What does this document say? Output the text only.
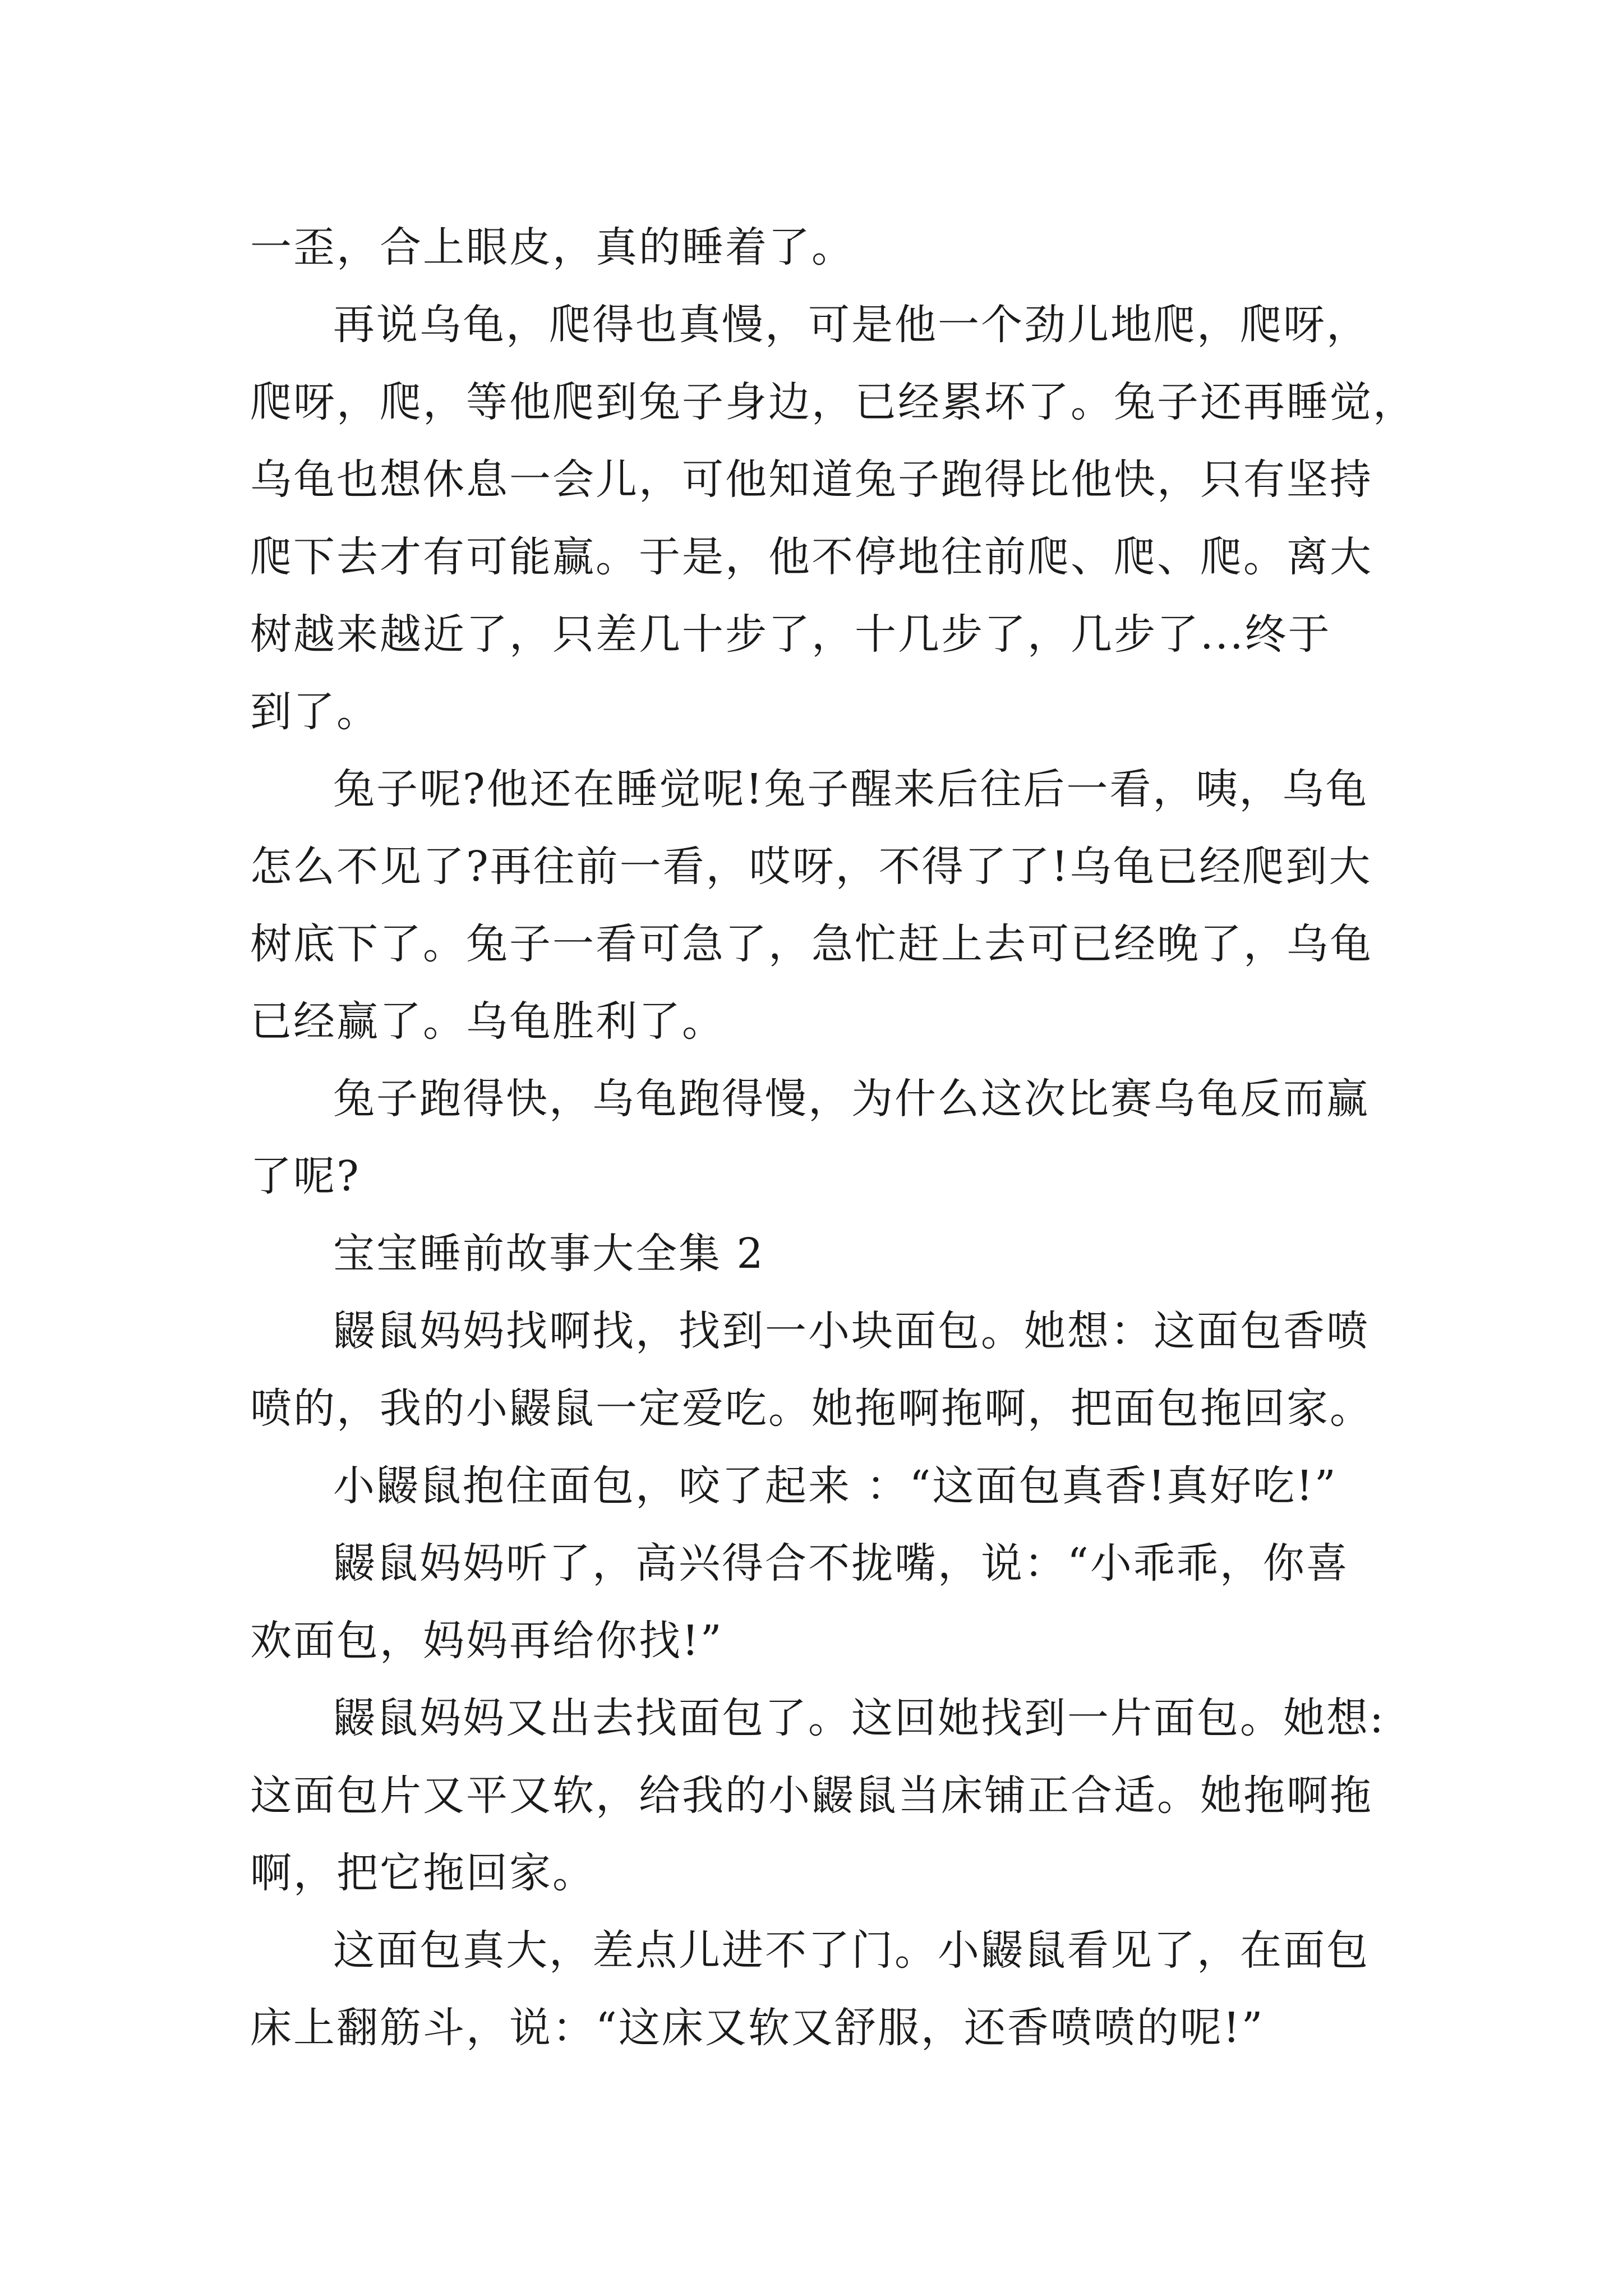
一歪，合上眼皮，真的睡着了。
再说乌龟，爬得也真慢，可是他一个劲儿地爬，爬呀，
爬呀，爬，等他爬到兔子身边，已经累坏了。兔子还再睡觉，
乌龟也想休息一会儿，可他知道兔子跑得比他快，只有坚持
爬下去才有可能赢。于是，他不停地往前爬、爬、爬。离大
树越来越近了，只差几十步了，十几步了，几步了...终于
到了。
兔子呢?他还在睡觉呢!兔子醒来后往后一看，咦，乌龟
怎么不见了?再往前一看，哎呀，不得了了!乌龟已经爬到大
树底下了。兔子一看可急了，急忙赶上去可已经晚了，乌龟
已经赢了。乌龟胜利了。
兔子跑得快，乌龟跑得慢，为什么这次比赛乌龟反而赢
了呢?
宝宝睡前故事大全集 2
鼹鼠妈妈找啊找，找到一小块面包。她想：这面包香喷
喷的，我的小鼹鼠一定爱吃。她拖啊拖啊，把面包拖回家。
小鼹鼠抱住面包，咬了起来 ：“这面包真香!真好吃!”
鼹鼠妈妈听了，高兴得合不拢嘴，说：“小乖乖，你喜
欢面包，妈妈再给你找!”
鼹鼠妈妈又出去找面包了。这回她找到一片面包。她想:
这面包片又平又软，给我的小鼹鼠当床铺正合适。她拖啊拖
啊，把它拖回家。
这面包真大，差点儿进不了门。小鼹鼠看见了，在面包
床上翻筋斗，说：“这床又软又舒服，还香喷喷的呢!”
